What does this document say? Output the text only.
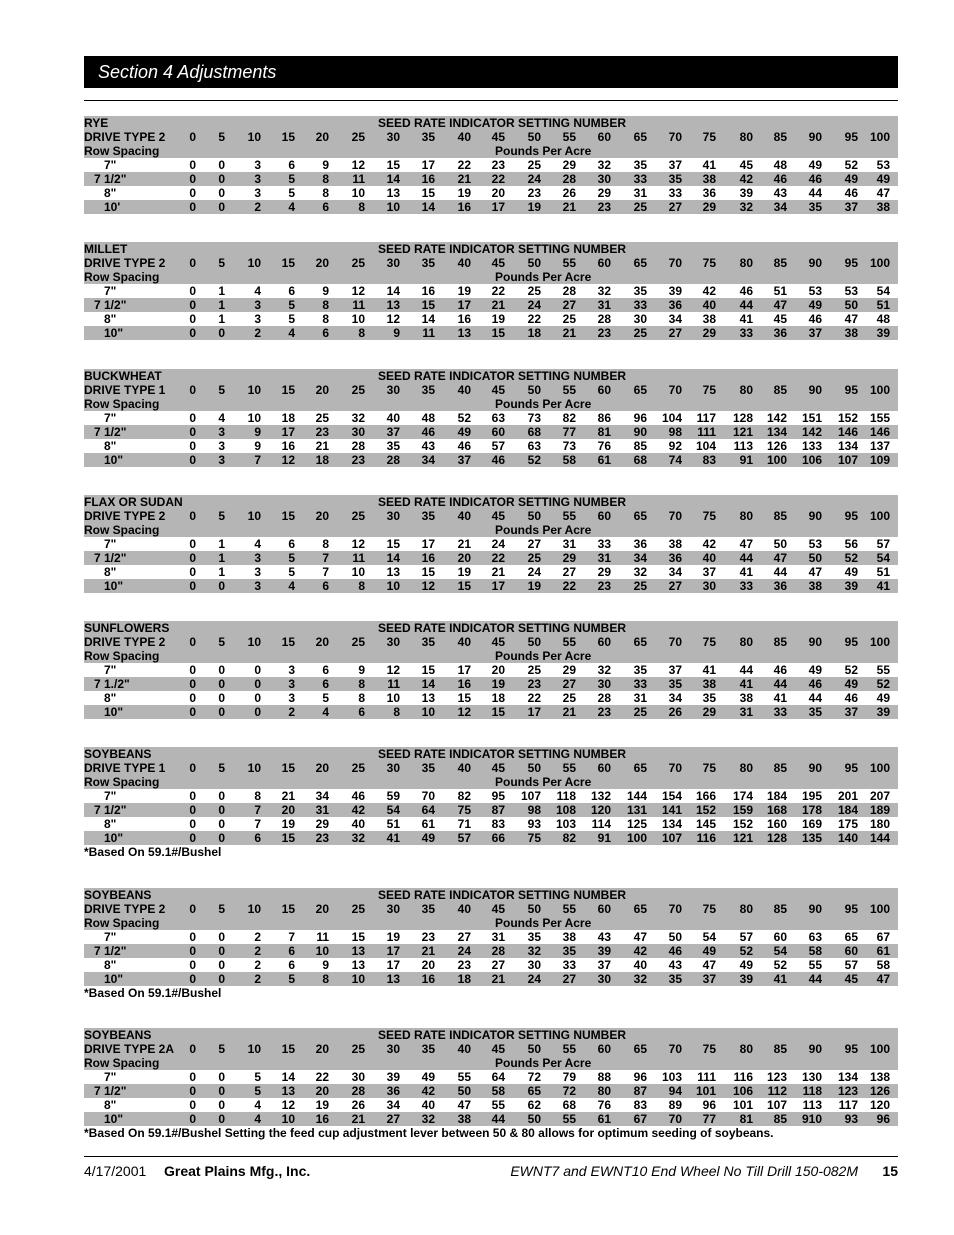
Section 4 Adjustments
RYE	SEED RATE INDICATOR SETTING NUMBER
DRIVE TYPE 2	0	5	10	15	20	25	30	35	40	45	50	55	60	65	70	75	80	85	90	95 100
Row Spacing	Pounds Per Acre
7"	0	0	3	6	9	12	15	17	22	23	25	29	32	35	37	41	45	48	49	52	53
7 1/2"	0	0	3	5	8	11	14	16	21	22	24	28	30	33	35	38	42	46	46	49	49
8"	0	0	3	5	8	10	13	15	19	20	23	26	29	31	33	36	39	43	44	46	47
10'	0	0	2	4	6	8	10	14	16	17	19	21	23	25	27	29	32	34	35	37	38
MILLET	SEED RATE INDICATOR SETTING NUMBER
DRIVE TYPE 2	0	5	10	15	20	25	30	35	40	45	50	55	60	65	70	75	80	85	90	95 100
Row Spacing	Pounds Per Acre
7"	0	1	4	6	9	12	14	16	19	22	25	28	32	35	39	42	46	51	53	53	54
7 1/2"	0	1	3	5	8	11	13	15	17	21	24	27	31	33	36	40	44	47	49	50	51
8"	0	1	3	5	8	10	12	14	16	19	22	25	28	30	34	38	41	45	46	47	48
10"	0	0	2	4	6	8	9	11	13	15	18	21	23	25	27	29	33	36	37	38	39
BUCKWHEAT	SEED RATE INDICATOR SETTING NUMBER
DRIVE TYPE 1	0	5	10	15	20	25	30	35	40	45	50	55	60	65	70	75	80	85	90	95 100
Row Spacing	Pounds Per Acre
7"	0	4	10	18	25	32	40	48	52	63	73	82	86	96	104	117	128	142	151	152 155
7 1/2"	0	3	9	17	23	30	37	46	49	60	68	77	81	90	98	111	121	134	142	146 146
8"	0	3	9	16	21	28	35	43	46	57	63	73	76	85	92	104	113	126	133	134 137
10"	0	3	7	12	18	23	28	34	37	46	52	58	61	68	74	83	91	100	106	107 109
FLAX OR SUDAN	SEED RATE INDICATOR SETTING NUMBER
DRIVE TYPE 2	0	5	10	15	20	25	30	35	40	45	50	55	60	65	70	75	80	85	90	95 100
Row Spacing	Pounds Per Acre
7"	0	1	4	6	8	12	15	17	21	24	27	31	33	36	38	42	47	50	53	56	57
7 1/2"	0	1	3	5	7	11	14	16	20	22	25	29	31	34	36	40	44	47	50	52	54
8"	0	1	3	5	7	10	13	15	19	21	24	27	29	32	34	37	41	44	47	49	51
10"	0	0	3	4	6	8	10	12	15	17	19	22	23	25	27	30	33	36	38	39	41
SUNFLOWERS	SEED RATE INDICATOR SETTING NUMBER
DRIVE TYPE 2	0	5	10	15	20	25	30	35	40	45	50	55	60	65	70	75	80	85	90	95 100
Row Spacing	Pounds Per Acre
7"	0	0	0	3	6	9	12	15	17	20	25	29	32	35	37	41	44	46	49	52	55
7 1./2"	0	0	0	3	6	8	11	14	16	19	23	27	30	33	35	38	41	44	46	49	52
8"	0	0	0	3	5	8	10	13	15	18	22	25	28	31	34	35	38	41	44	46	49
10"	0	0	0	2	4	6	8	10	12	15	17	21	23	25	26	29	31	33	35	37	39
SOYBEANS	SEED RATE INDICATOR SETTING NUMBER
DRIVE TYPE 1	0	5	10	15	20	25	30	35	40	45	50	55	60	65	70	75	80	85	90	95 100
Row Spacing	Pounds Per Acre
7"	0	0	8	21	34	46	59	70	82	95	107	118	132	144	154	166	174	184	195	201 207
7 1/2"	0	0	7	20	31	42	54	64	75	87	98	108	120	131	141	152	159	168	178	184 189
8"	0	0	7	19	29	40	51	61	71	83	93	103	114	125	134	145	152	160	169	175 180
10"	0	0	6	15	23	32	41	49	57	66	75	82	91	100	107	116	121	128	135	140 144
*Based On 59.1#/Bushel
SOYBEANS	SEED RATE INDICATOR SETTING NUMBER
DRIVE TYPE 2	0	5	10	15	20	25	30	35	40	45	50	55	60	65	70	75	80	85	90	95 100
Row Spacing	Pounds Per Acre
7"	0	0	2	7	11	15	19	23	27	31	35	38	43	47	50	54	57	60	63	65	67
7 1/2"	0	0	2	6	10	13	17	21	24	28	32	35	39	42	46	49	52	54	58	60	61
8"	0	0	2	6	9	13	17	20	23	27	30	33	37	40	43	47	49	52	55	57	58
10"	0	0	2	5	8	10	13	16	18	21	24	27	30	32	35	37	39	41	44	45	47
*Based On 59.1#/Bushel
SOYBEANS	SEED RATE INDICATOR SETTING NUMBER
DRIVE TYPE 2A	0	5	10	15	20	25	30	35	40	45	50	55	60	65	70	75	80	85	90	95 100
Row Spacing	Pounds Per Acre
7"	0	0	5	14	22	30	39	49	55	64	72	79	88	96	103	111	116	123	130	134 138
7 1/2"	0	0	5	13	20	28	36	42	50	58	65	72	80	87	94	101	106	112	118	123 126
8"	0	0	4	12	19	26	34	40	47	55	62	68	76	83	89	96	101	107	113	117 120
10"	0	0	4	10	16	21	27	32	38	44	50	55	61	67	70	77	81	85	910	93	96
*Based On 59.1#/Bushel Setting the feed cup adjustment lever between 50 & 80 allows for optimum seeding of soybeans.
4/17/2001 Great Plains Mfg., Inc.	EWNT7 and EWNT10 End Wheel No Till Drill 150-082M 15
